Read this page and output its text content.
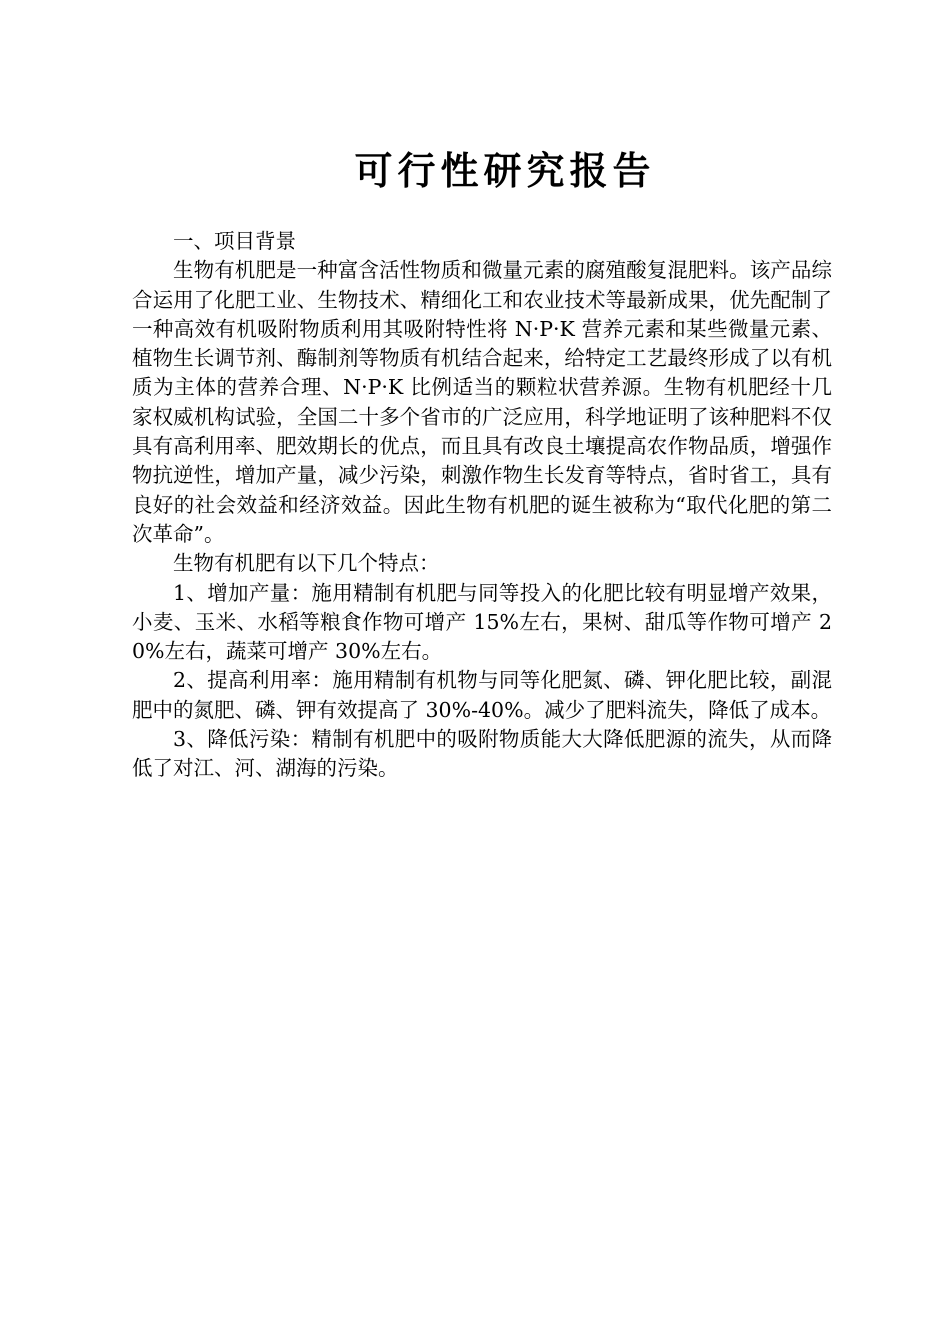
可行性研究报告

一、项目背景

生物有机肥是一种富含活性物质和微量元素的腐殖酸复混肥料。该产品综合运用了化肥工业、生物技术、精细化工和农业技术等最新成果，优先配制了一种高效有机吸附物质利用其吸附特性将 N·P·K 营养元素和某些微量元素、植物生长调节剂、酶制剂等物质有机结合起来，给特定工艺最终形成了以有机质为主体的营养合理、N·P·K 比例适当的颗粒状营养源。生物有机肥经十几家权威机构试验，全国二十多个省市的广泛应用，科学地证明了该种肥料不仅具有高利用率、肥效期长的优点，而且具有改良土壤提高农作物品质，增强作物抗逆性，增加产量，减少污染，刺激作物生长发育等特点，省时省工，具有良好的社会效益和经济效益。因此生物有机肥的诞生被称为“取代化肥的第二次革命”。

生物有机肥有以下几个特点：

1、增加产量：施用精制有机肥与同等投入的化肥比较有明显增产效果，小麦、玉米、水稻等粮食作物可增产 15%左右，果树、甜瓜等作物可增产 20%左右，蔬菜可增产 30%左右。

2、提高利用率：施用精制有机物与同等化肥氮、磷、钾化肥比较，副混肥中的氮肥、磷、钾有效提高了 30%-40%。减少了肥料流失，降低了成本。

3、降低污染：精制有机肥中的吸附物质能大大降低肥源的流失，从而降低了对江、河、湖海的污染。
